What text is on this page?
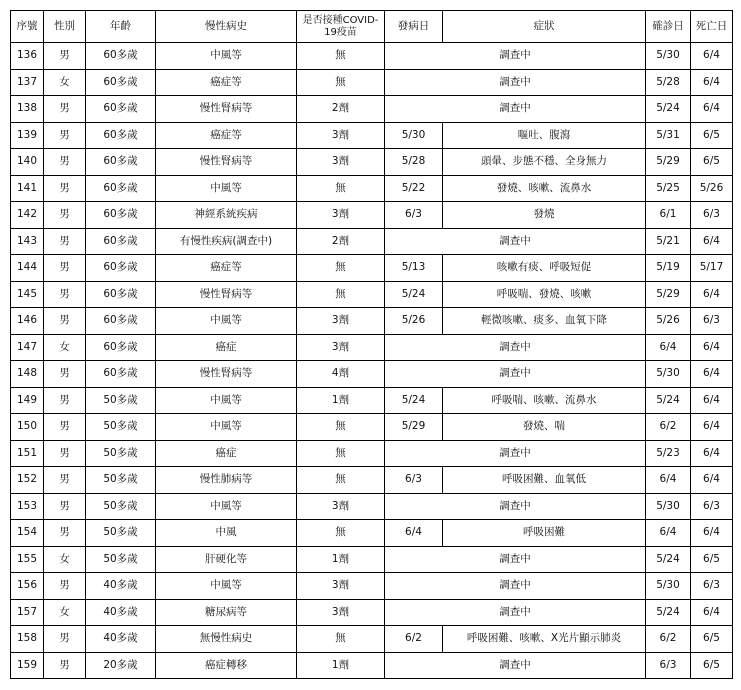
序號	性別	年齡	慢性病史	是否接種COVID-19疫苗	發病日	症狀	確診日	死亡日
136	男	60多歲	中風等	無	調查中		5/30	6/4
137	女	60多歲	癌症等	無	調查中		5/28	6/4
138	男	60多歲	慢性腎病等	2劑	調查中		5/24	6/4
139	男	60多歲	癌症等	3劑	5/30	嘔吐、腹瀉	5/31	6/5
140	男	60多歲	慢性腎病等	3劑	5/28	頭暈、步態不穩、全身無力	5/29	6/5
141	男	60多歲	中風等	無	5/22	發燒、咳嗽、流鼻水	5/25	5/26
142	男	60多歲	神經系統疾病	3劑	6/3	發燒	6/1	6/3
143	男	60多歲	有慢性疾病(調查中)	2劑	調查中		5/21	6/4
144	男	60多歲	癌症等	無	5/13	咳嗽有痰、呼吸短促	5/19	5/17
145	男	60多歲	慢性腎病等	無	5/24	呼吸喘、發燒、咳嗽	5/29	6/4
146	男	60多歲	中風等	3劑	5/26	輕微咳嗽、痰多、血氧下降	5/26	6/3
147	女	60多歲	癌症	3劑	調查中		6/4	6/4
148	男	60多歲	慢性腎病等	4劑	調查中		5/30	6/4
149	男	50多歲	中風等	1劑	5/24	呼吸喘、咳嗽、流鼻水	5/24	6/4
150	男	50多歲	中風等	無	5/29	發燒、喘	6/2	6/4
151	男	50多歲	癌症	無	調查中		5/23	6/4
152	男	50多歲	慢性肺病等	無	6/3	呼吸困難、血氧低	6/4	6/4
153	男	50多歲	中風等	3劑	調查中		5/30	6/3
154	男	50多歲	中風	無	6/4	呼吸困難	6/4	6/4
155	女	50多歲	肝硬化等	1劑	調查中		5/24	6/5
156	男	40多歲	中風等	3劑	調查中		5/30	6/3
157	女	40多歲	糖尿病等	3劑	調查中		5/24	6/4
158	男	40多歲	無慢性病史	無	6/2	呼吸困難、咳嗽、X光片顯示肺炎	6/2	6/5
159	男	20多歲	癌症轉移	1劑	調查中		6/3	6/5
